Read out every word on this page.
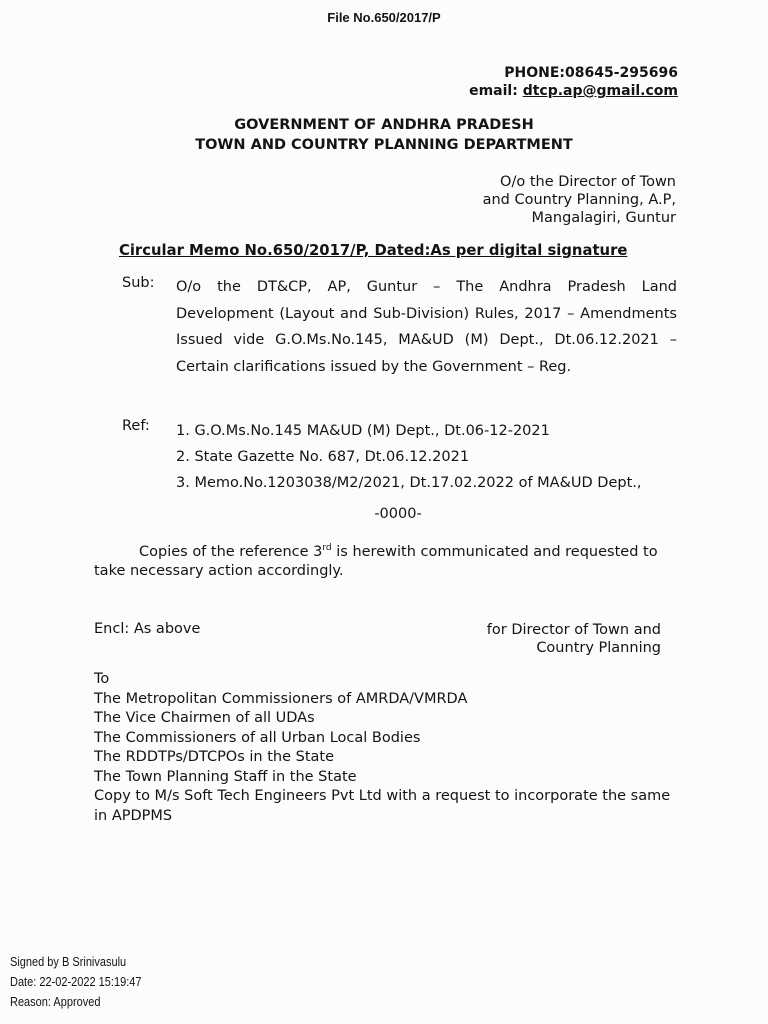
File No.650/2017/P
PHONE:08645-295696
email: dtcp.ap@gmail.com
GOVERNMENT OF ANDHRA PRADESH
TOWN AND COUNTRY PLANNING DEPARTMENT
O/o the Director of Town
and Country Planning, A.P,
Mangalagiri, Guntur
Circular Memo No.650/2017/P, Dated:As per digital signature
Sub: O/o the DT&CP, AP, Guntur – The Andhra Pradesh Land Development (Layout and Sub-Division) Rules, 2017 – Amendments Issued vide G.O.Ms.No.145, MA&UD (M) Dept., Dt.06.12.2021 – Certain clarifications issued by the Government – Reg.
Ref: 1. G.O.Ms.No.145 MA&UD (M) Dept., Dt.06-12-2021
2. State Gazette No. 687, Dt.06.12.2021
3. Memo.No.1203038/M2/2021, Dt.17.02.2022 of MA&UD Dept.,
-0000-
Copies of the reference 3rd is herewith communicated and requested to take necessary action accordingly.
Encl: As above	for Director of Town and
Country Planning
To
The Metropolitan Commissioners of AMRDA/VMRDA
The Vice Chairmen of all UDAs
The Commissioners of all Urban Local Bodies
The RDDTPs/DTCPOs in the State
The Town Planning Staff in the State
Copy to M/s Soft Tech Engineers Pvt Ltd with a request to incorporate the same in APDPMS
Signed by B Srinivasulu
Date: 22-02-2022 15:19:47
Reason: Approved
